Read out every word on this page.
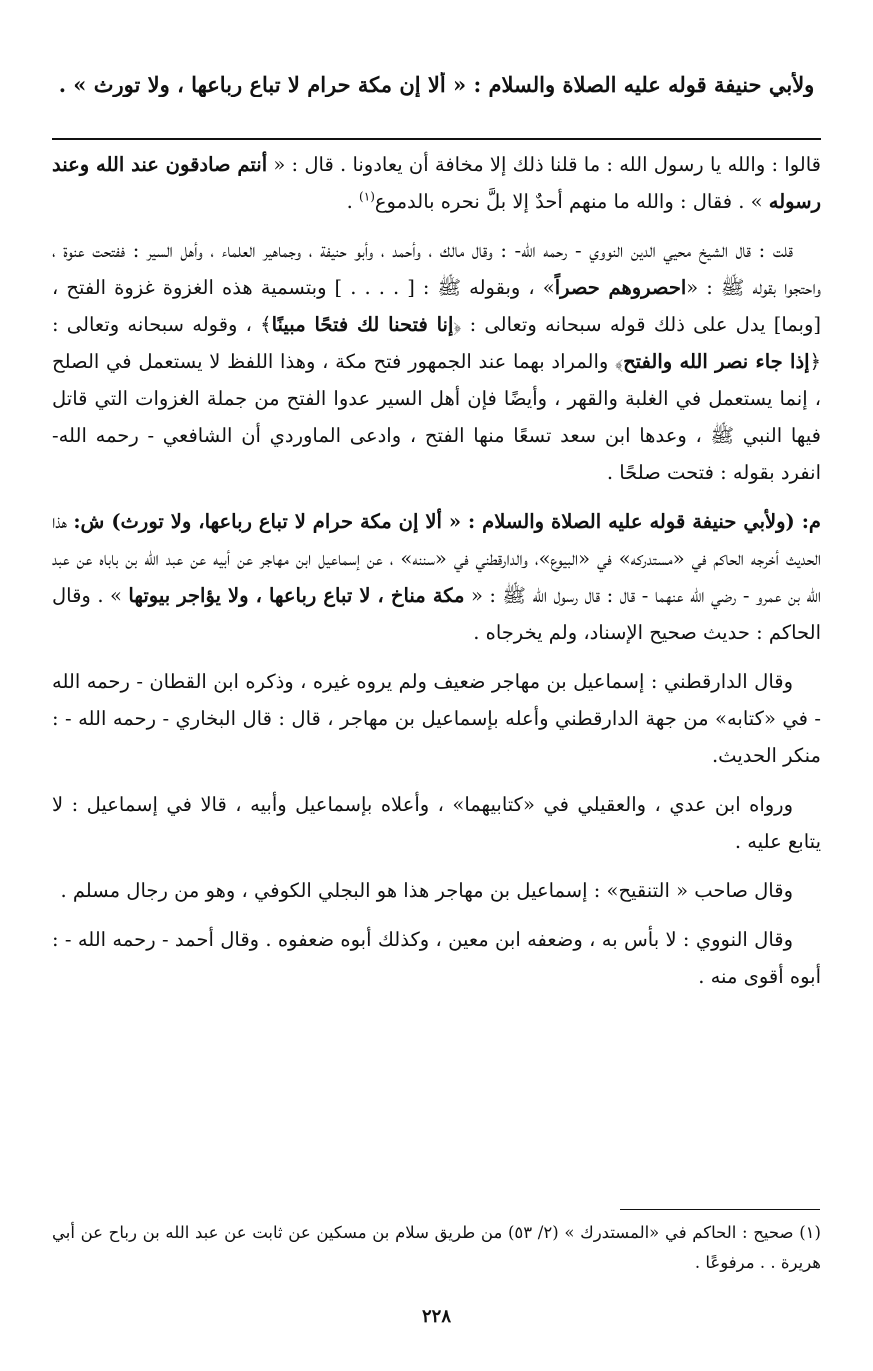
ولأبي حنيفة قوله عليه الصلاة والسلام : « ألا إن مكة حرام لا تباع رباعها ، ولا تورث » .

قالوا : والله يا رسول الله : ما قلنا ذلك إلا مخافة أن يعادونا . قال : « أنتم صادقون عند الله وعند رسوله » . فقال : والله ما منهم أحدٌ إلا بلَّ نحره بالدموع$^{(١)}$ .

قلت : قال الشيخ محيي الدين النووي - رحمه الله- : وقال مالك ، وأحمد ، وأبو حنيفة ، وجماهير العلماء ، وأهل السير : ففتحت عنوة ، واحتجوا بقوله ﷺ : «احصروهم حصراً» ، وبقوله ﷺ : [ . . . . ] وبتسمية هذه الغزوة غزوة الفتح ، [وبما] يدل على ذلك قوله سبحانه وتعالى : ﴿إنا فتحنا لك فتحًا مبينًا﴾ ، وقوله سبحانه وتعالى : ﴿إذا جاء نصر الله والفتح﴾ والمراد بهما عند الجمهور فتح مكة ، وهذا اللفظ لا يستعمل في الصلح ، إنما يستعمل في الغلبة والقهر ، وأيضًا فإن أهل السير عدوا الفتح من جملة الغزوات التي قاتل فيها النبي ﷺ ، وعدها ابن سعد تسعًا منها الفتح ، وادعى الماوردي أن الشافعي - رحمه الله- انفرد بقوله : فتحت صلحًا .

م: (ولأبي حنيفة قوله عليه الصلاة والسلام : « ألا إن مكة حرام لا تباع رباعها، ولا تورث) ش: هذا الحديث أخرجه الحاكم في «مستدركه» في «البيوع»، والدارقطني في «سننه» ، عن إسماعيل ابن مهاجر عن أبيه عن عبد الله بن باباه عن عبد الله بن عمرو - رضي الله عنهما - قال : قال رسول الله ﷺ : « مكة مناخ ، لا تباع رباعها ، ولا يؤاجر بيوتها » . وقال الحاكم : حديث صحيح الإسناد، ولم يخرجاه .

وقال الدارقطني : إسماعيل بن مهاجر ضعيف ولم يروه غيره ، وذكره ابن القطان - رحمه الله - في «كتابه» من جهة الدارقطني وأعله بإسماعيل بن مهاجر ، قال : قال البخاري - رحمه الله - : منكر الحديث.

ورواه ابن عدي ، والعقيلي في «كتابيهما» ، وأعلاه بإسماعيل وأبيه ، قالا في إسماعيل : لا يتابع عليه .

وقال صاحب « التنقيح» : إسماعيل بن مهاجر هذا هو البجلي الكوفي ، وهو من رجال مسلم .

وقال النووي : لا بأس به ، وضعفه ابن معين ، وكذلك أبوه ضعفوه . وقال أحمد - رحمه الله - : أبوه أقوى منه .

(١) صحيح : الحاكم في «المستدرك » (٢/ ٥٣) من طريق سلام بن مسكين عن ثابت عن عبد الله بن رباح عن أبي هريرة . . مرفوعًا .
٢٢٨
